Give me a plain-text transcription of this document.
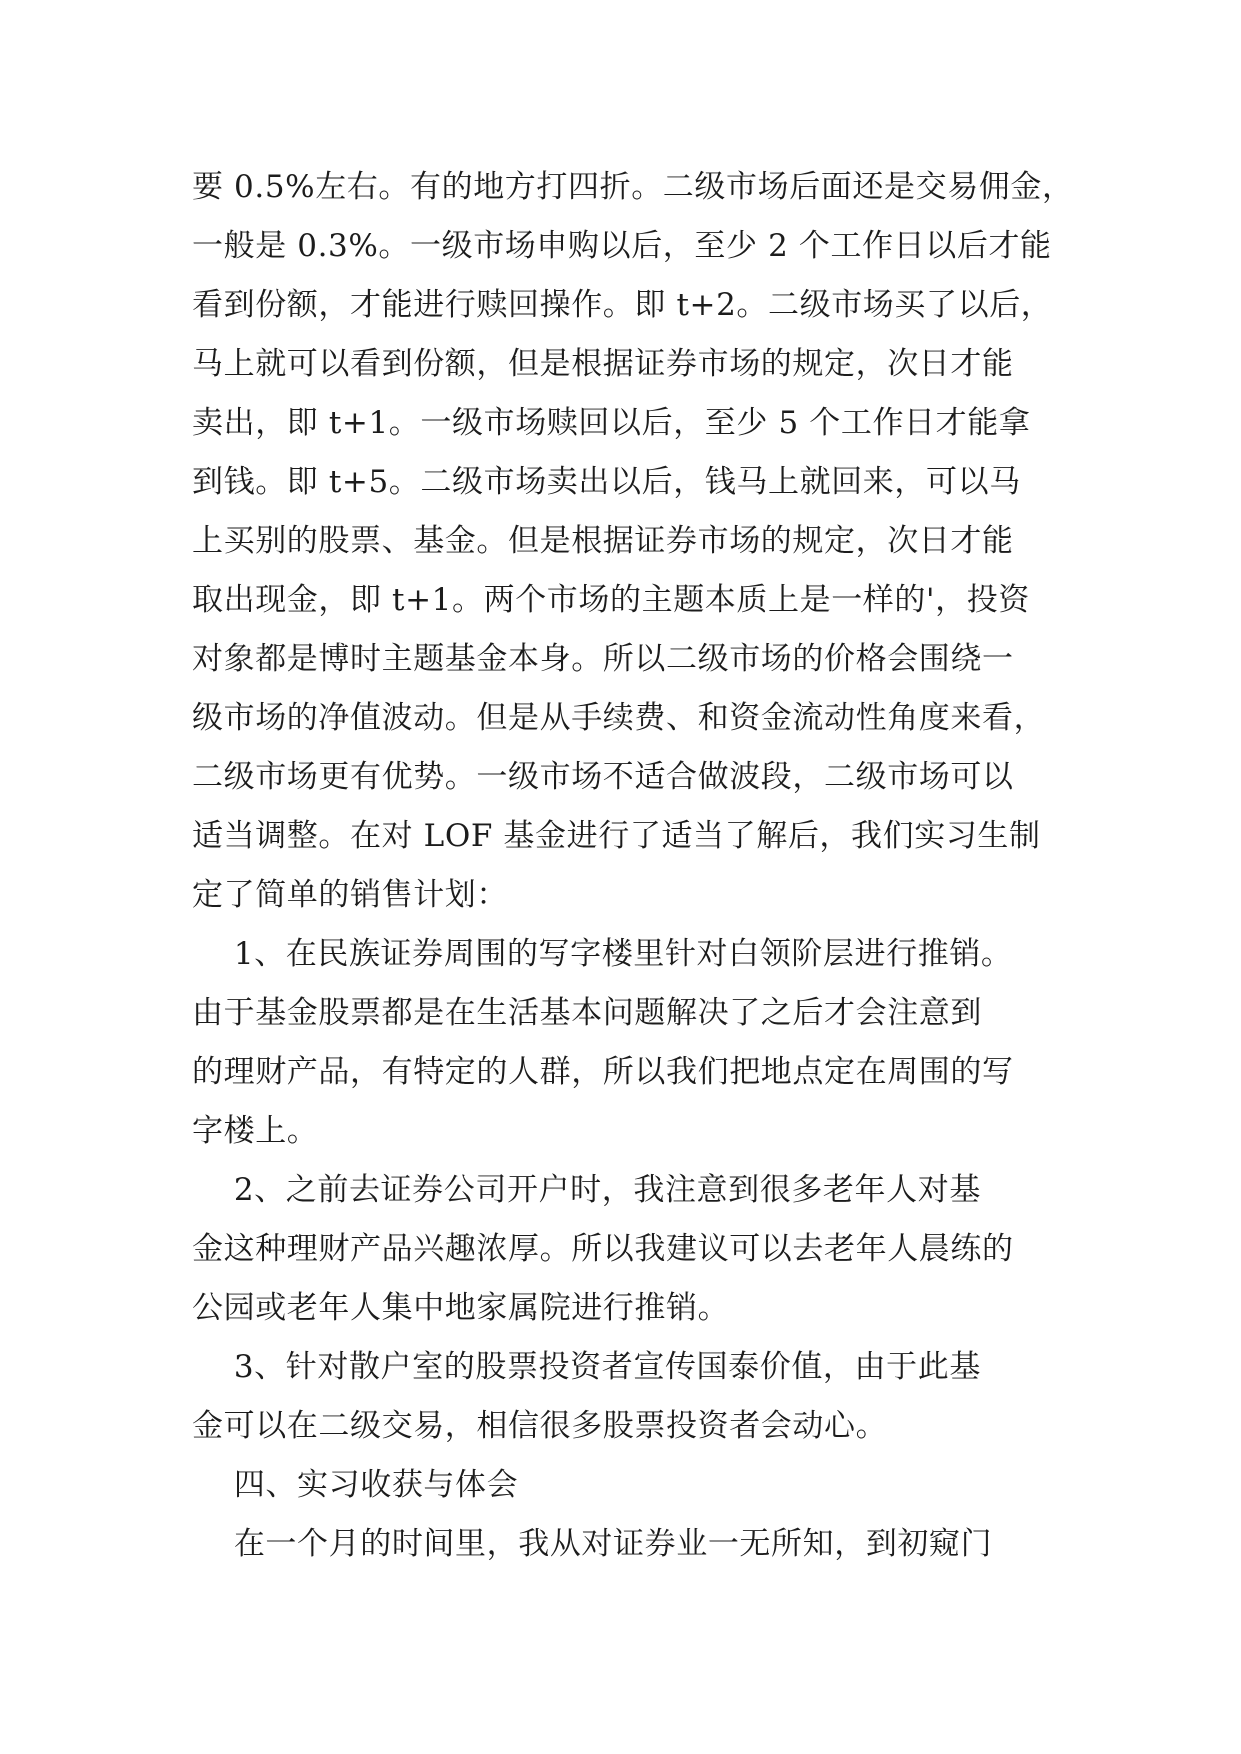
要 0.5%左右。有的地方打四折。二级市场后面还是交易佣金，
一般是 0.3%。一级市场申购以后，至少 2 个工作日以后才能
看到份额，才能进行赎回操作。即 t+2。二级市场买了以后，
马上就可以看到份额，但是根据证券市场的规定，次日才能
卖出，即 t+1。一级市场赎回以后，至少 5 个工作日才能拿
到钱。即 t+5。二级市场卖出以后，钱马上就回来，可以马
上买别的股票、基金。但是根据证券市场的规定，次日才能
取出现金，即 t+1。两个市场的主题本质上是一样的'，投资
对象都是博时主题基金本身。所以二级市场的价格会围绕一
级市场的净值波动。但是从手续费、和资金流动性角度来看，
二级市场更有优势。一级市场不适合做波段，二级市场可以
适当调整。在对 LOF 基金进行了适当了解后，我们实习生制
定了简单的销售计划：
1、在民族证券周围的写字楼里针对白领阶层进行推销。
由于基金股票都是在生活基本问题解决了之后才会注意到
的理财产品，有特定的人群，所以我们把地点定在周围的写
字楼上。
2、之前去证券公司开户时，我注意到很多老年人对基
金这种理财产品兴趣浓厚。所以我建议可以去老年人晨练的
公园或老年人集中地家属院进行推销。
3、针对散户室的股票投资者宣传国泰价值，由于此基
金可以在二级交易，相信很多股票投资者会动心。
四、实习收获与体会
在一个月的时间里，我从对证券业一无所知，到初窥门
